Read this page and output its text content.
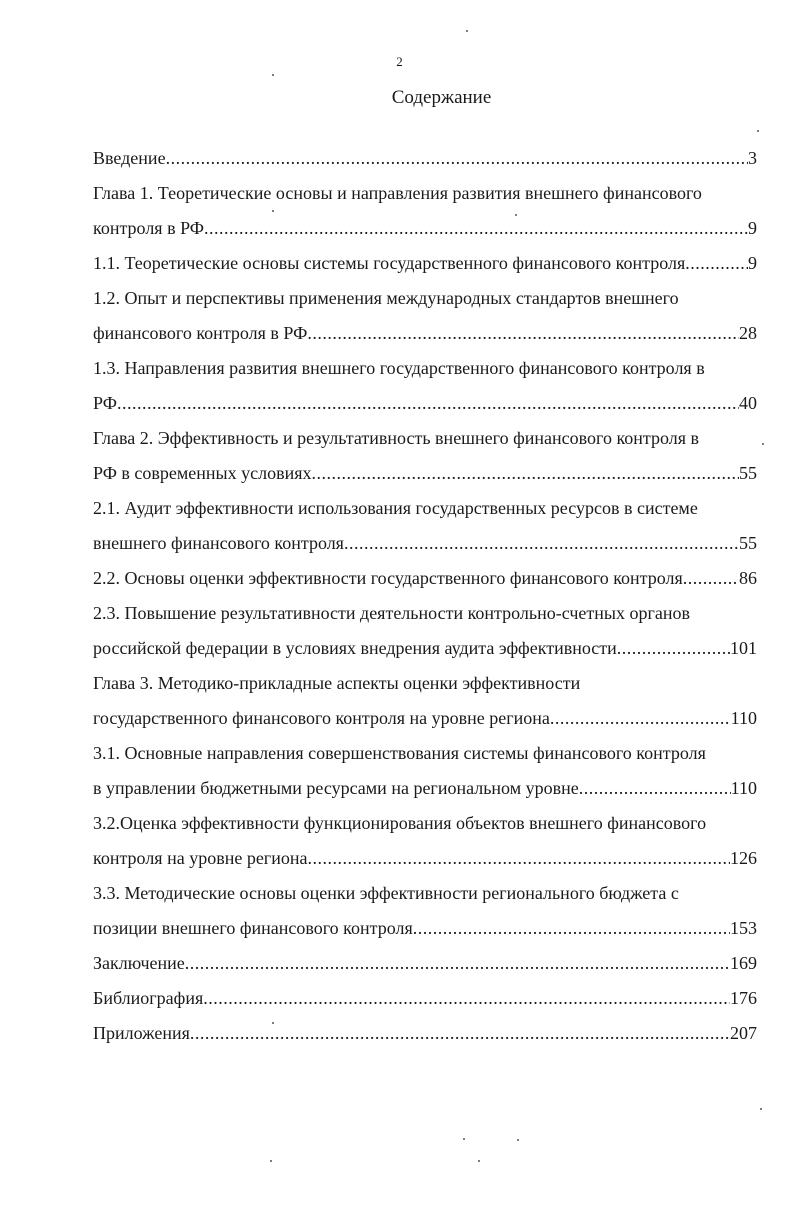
2
Содержание
Введение .....	3
Глава 1. Теоретические основы и направления развития внешнего финансового
контроля в РФ .....	9
1.1. Теоретические основы системы государственного финансового контроля .....	9
1.2. Опыт и перспективы применения международных стандартов внешнего
финансового контроля в РФ .....	28
1.3. Направления развития внешнего государственного финансового контроля в
РФ .....	40
Глава 2. Эффективность и результативность внешнего финансового контроля в
РФ в современных условиях .....	55
2.1. Аудит эффективности использования государственных ресурсов в системе
внешнего финансового контроля .....	55
2.2. Основы оценки эффективности государственного финансового контроля .....	86
2.3. Повышение результативности деятельности контрольно-счетных органов
российской федерации в условиях внедрения аудита эффективности .....	101
Глава 3. Методико-прикладные аспекты оценки эффективности
государственного финансового контроля на уровне региона .....	110
3.1. Основные направления совершенствования системы финансового контроля
в управлении бюджетными ресурсами на региональном уровне .....	110
3.2.Оценка эффективности функционирования объектов внешнего финансового
контроля на уровне региона .....	126
3.3. Методические основы оценки эффективности регионального бюджета с
позиции внешнего финансового контроля .....	153
Заключение .....	169
Библиография .....	176
Приложения .....	207
